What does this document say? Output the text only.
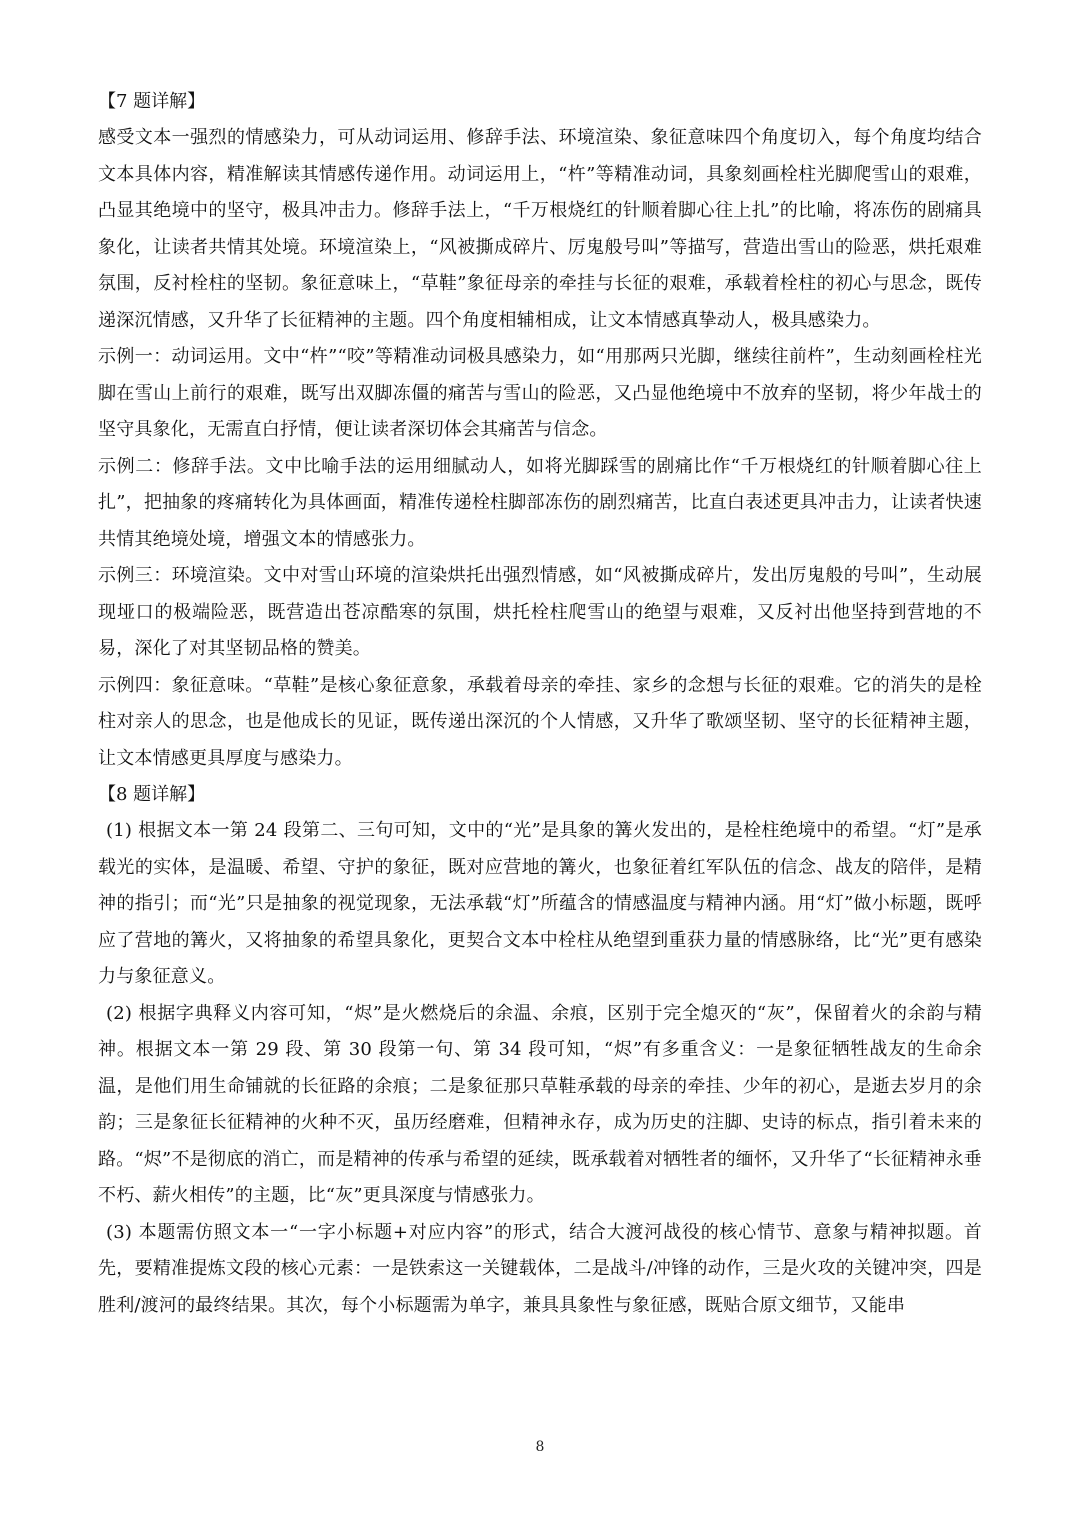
【7 题详解】

感受文本一强烈的情感染力，可从动词运用、修辞手法、环境渲染、象征意味四个角度切入，每个角度均结合文本具体内容，精准解读其情感传递作用。动词运用上，“杵”等精准动词，具象刻画栓柱光脚爬雪山的艰难，凸显其绝境中的坚守，极具冲击力。修辞手法上，“千万根烧红的针顺着脚心往上扎”的比喻，将冻伤的剧痛具象化，让读者共情其处境。环境渲染上，“风被撕成碎片、厉鬼般号叫”等描写，营造出雪山的险恶，烘托艰难氛围，反衬栓柱的坚韧。象征意味上，“草鞋”象征母亲的牵挂与长征的艰难，承载着栓柱的初心与思念，既传递深沉情感，又升华了长征精神的主题。四个角度相辅相成，让文本情感真挚动人，极具感染力。

示例一：动词运用。文中“杵”“咬”等精准动词极具感染力，如“用那两只光脚，继续往前杵”，生动刻画栓柱光脚在雪山上前行的艰难，既写出双脚冻僵的痛苦与雪山的险恶，又凸显他绝境中不放弃的坚韧，将少年战士的坚守具象化，无需直白抒情，便让读者深切体会其痛苦与信念。

示例二：修辞手法。文中比喻手法的运用细腻动人，如将光脚踩雪的剧痛比作“千万根烧红的针顺着脚心往上扎”，把抽象的疼痛转化为具体画面，精准传递栓柱脚部冻伤的剧烈痛苦，比直白表述更具冲击力，让读者快速共情其绝境处境，增强文本的情感张力。

示例三：环境渲染。文中对雪山环境的渲染烘托出强烈情感，如“风被撕成碎片，发出厉鬼般的号叫”，生动展现垭口的极端险恶，既营造出苍凉酷寒的氛围，烘托栓柱爬雪山的绝望与艰难，又反衬出他坚持到营地的不易，深化了对其坚韧品格的赞美。

示例四：象征意味。“草鞋”是核心象征意象，承载着母亲的牵挂、家乡的念想与长征的艰难。它的消失的是栓柱对亲人的思念，也是他成长的见证，既传递出深沉的个人情感，又升华了歌颂坚韧、坚守的长征精神主题，让文本情感更具厚度与感染力。

【8 题详解】

(1) 根据文本一第 24 段第二、三句可知，文中的“光”是具象的篝火发出的，是栓柱绝境中的希望。“灯”是承载光的实体，是温暖、希望、守护的象征，既对应营地的篝火，也象征着红军队伍的信念、战友的陪伴，是精神的指引；而“光”只是抽象的视觉现象，无法承载“灯”所蕴含的情感温度与精神内涵。用“灯”做小标题，既呼应了营地的篝火，又将抽象的希望具象化，更契合文本中栓柱从绝望到重获力量的情感脉络，比“光”更有感染力与象征意义。

(2) 根据字典释义内容可知，“烬”是火燃烧后的余温、余痕，区别于完全熄灭的“灰”，保留着火的余韵与精神。根据文本一第 29 段、第 30 段第一句、第 34 段可知，“烬”有多重含义：一是象征牺牲战友的生命余温，是他们用生命铺就的长征路的余痕；二是象征那只草鞋承载的母亲的牵挂、少年的初心，是逝去岁月的余韵；三是象征长征精神的火种不灭，虽历经磨难，但精神永存，成为历史的注脚、史诗的标点，指引着未来的路。“烬”不是彻底的消亡，而是精神的传承与希望的延续，既承载着对牺牲者的缅怀，又升华了“长征精神永垂不朽、薪火相传”的主题，比“灰”更具深度与情感张力。

(3) 本题需仿照文本一“一字小标题+对应内容”的形式，结合大渡河战役的核心情节、意象与精神拟题。首先，要精准提炼文段的核心元素：一是铁索这一关键载体，二是战斗/冲锋的动作，三是火攻的关键冲突，四是胜利/渡河的最终结果。其次，每个小标题需为单字，兼具具象性与象征感，既贴合原文细节，又能串

8
